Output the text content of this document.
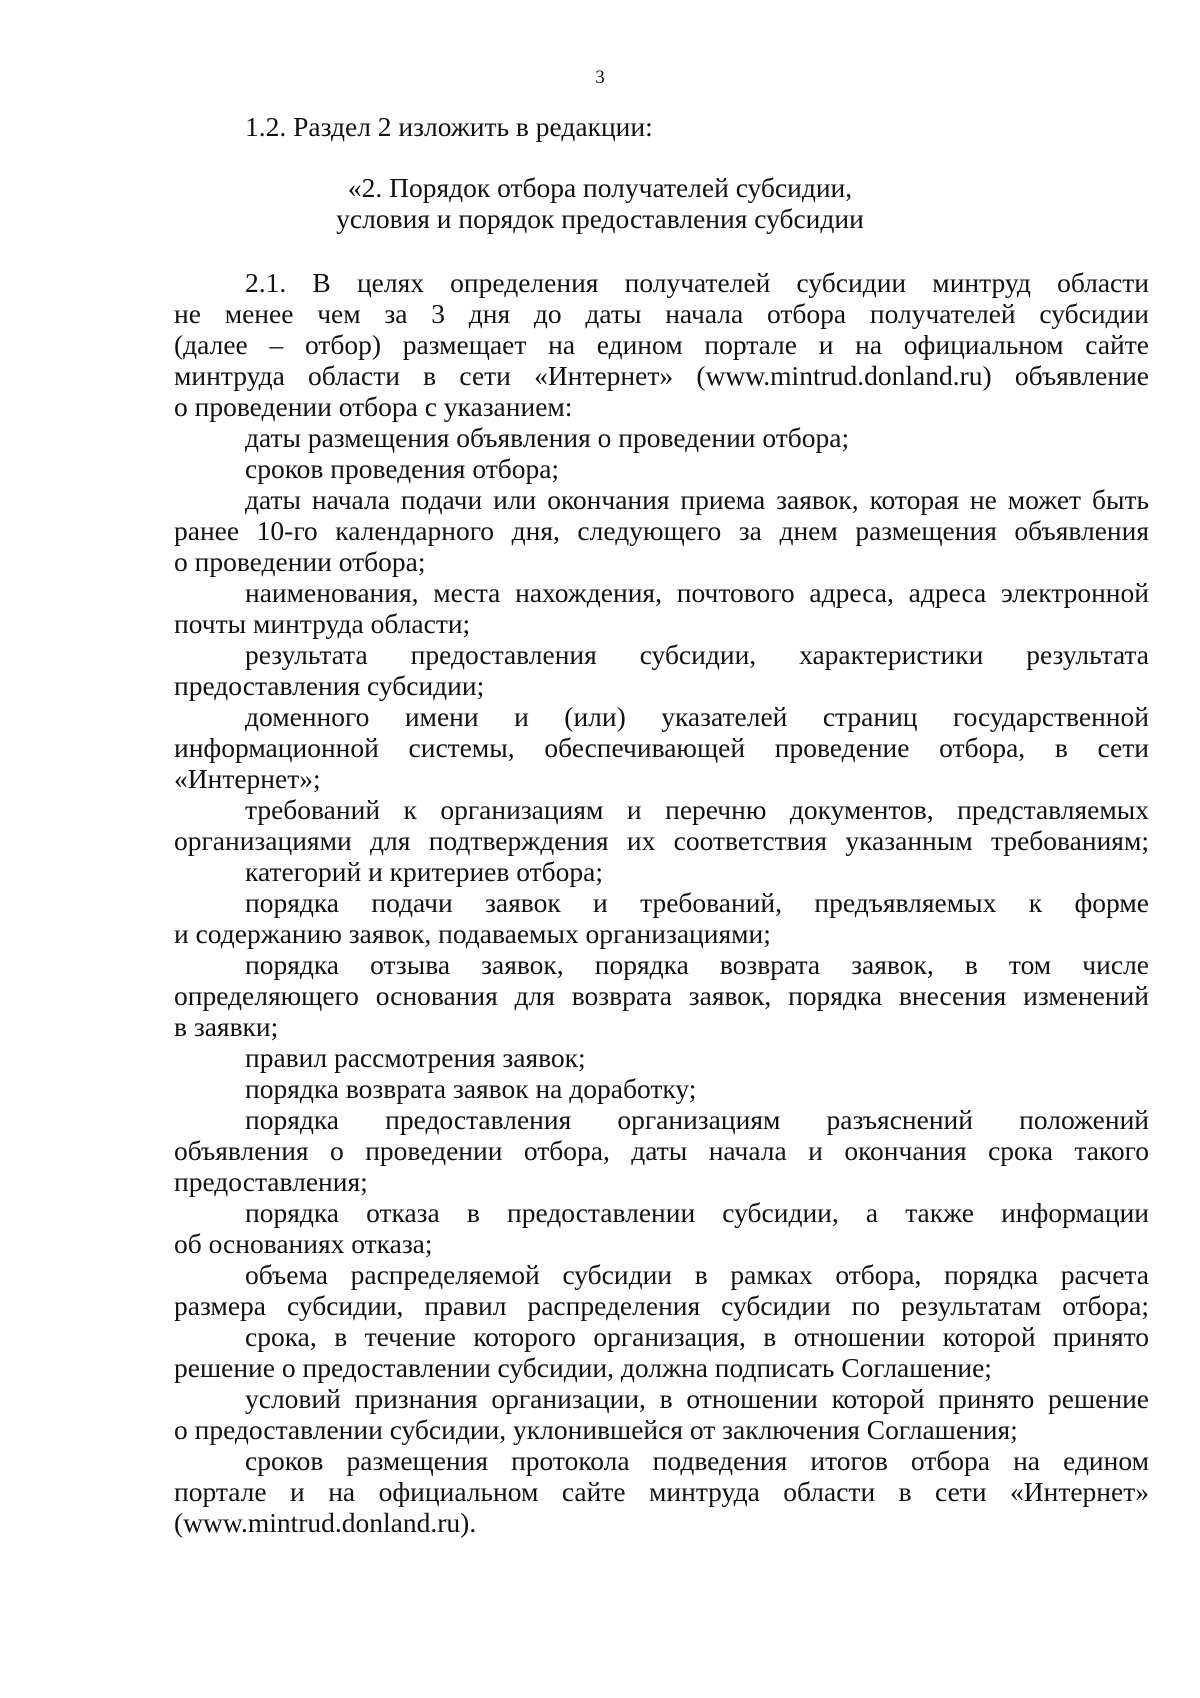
3
1.2. Раздел 2 изложить в редакции:
«2. Порядок отбора получателей субсидии,
условия и порядок предоставления субсидии
2.1. В целях определения получателей субсидии минтруд области
не менее чем за 3 дня до даты начала отбора получателей субсидии
(далее – отбор) размещает на едином портале и на официальном сайте
минтруда области в сети «Интернет» (www.mintrud.donland.ru) объявление
о проведении отбора с указанием:
даты размещения объявления о проведении отбора;
сроков проведения отбора;
даты начала подачи или окончания приема заявок, которая не может быть
ранее 10-го календарного дня, следующего за днем размещения объявления
о проведении отбора;
наименования, места нахождения, почтового адреса, адреса электронной
почты минтруда области;
результата предоставления субсидии, характеристики результата
предоставления субсидии;
доменного имени и (или) указателей страниц государственной
информационной системы, обеспечивающей проведение отбора, в сети
«Интернет»;
требований к организациям и перечню документов, представляемых
организациями для подтверждения их соответствия указанным требованиям;
категорий и критериев отбора;
порядка подачи заявок и требований, предъявляемых к форме
и содержанию заявок, подаваемых организациями;
порядка отзыва заявок, порядка возврата заявок, в том числе
определяющего основания для возврата заявок, порядка внесения изменений
в заявки;
правил рассмотрения заявок;
порядка возврата заявок на доработку;
порядка предоставления организациям разъяснений положений
объявления о проведении отбора, даты начала и окончания срока такого
предоставления;
порядка отказа в предоставлении субсидии, а также информации
об основаниях отказа;
объема распределяемой субсидии в рамках отбора, порядка расчета
размера субсидии, правил распределения субсидии по результатам отбора;
срока, в течение которого организация, в отношении которой принято
решение о предоставлении субсидии, должна подписать Соглашение;
условий признания организации, в отношении которой принято решение
о предоставлении субсидии, уклонившейся от заключения Соглашения;
сроков размещения протокола подведения итогов отбора на едином
портале и на официальном сайте минтруда области в сети «Интернет»
(www.mintrud.donland.ru).
